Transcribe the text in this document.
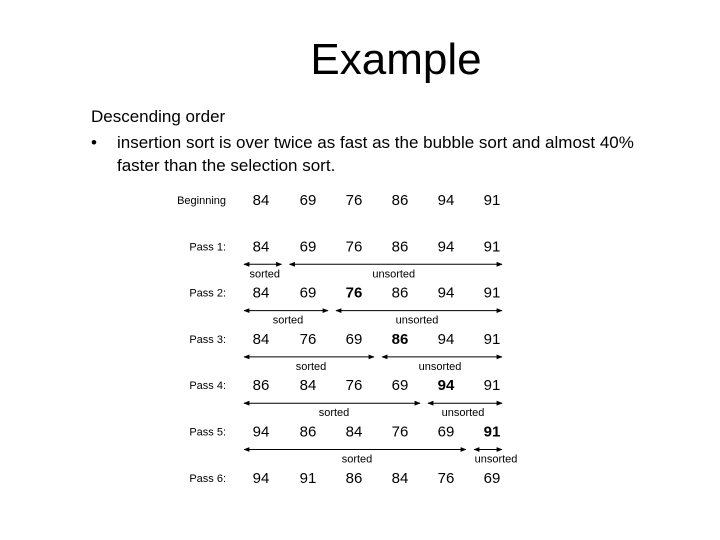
Example
Descending order
• insertion sort is over twice as fast as the bubble sort and almost 40% faster than the selection sort.
Beginning 84 69 76 86 94 91
Pass 1: 84 69 76 86 94 91
sorted	unsorted
Pass 2: 84 69 76 86 94 91
sorted	unsorted
Pass 3: 84 76 69 86 94 91
sorted	unsorted
Pass 4: 86 84 76 69 94 91
sorted	unsorted
Pass 5: 94 86 84 76 69 91
sorted	unsorted
Pass 6: 94 91 86 84 76 69
